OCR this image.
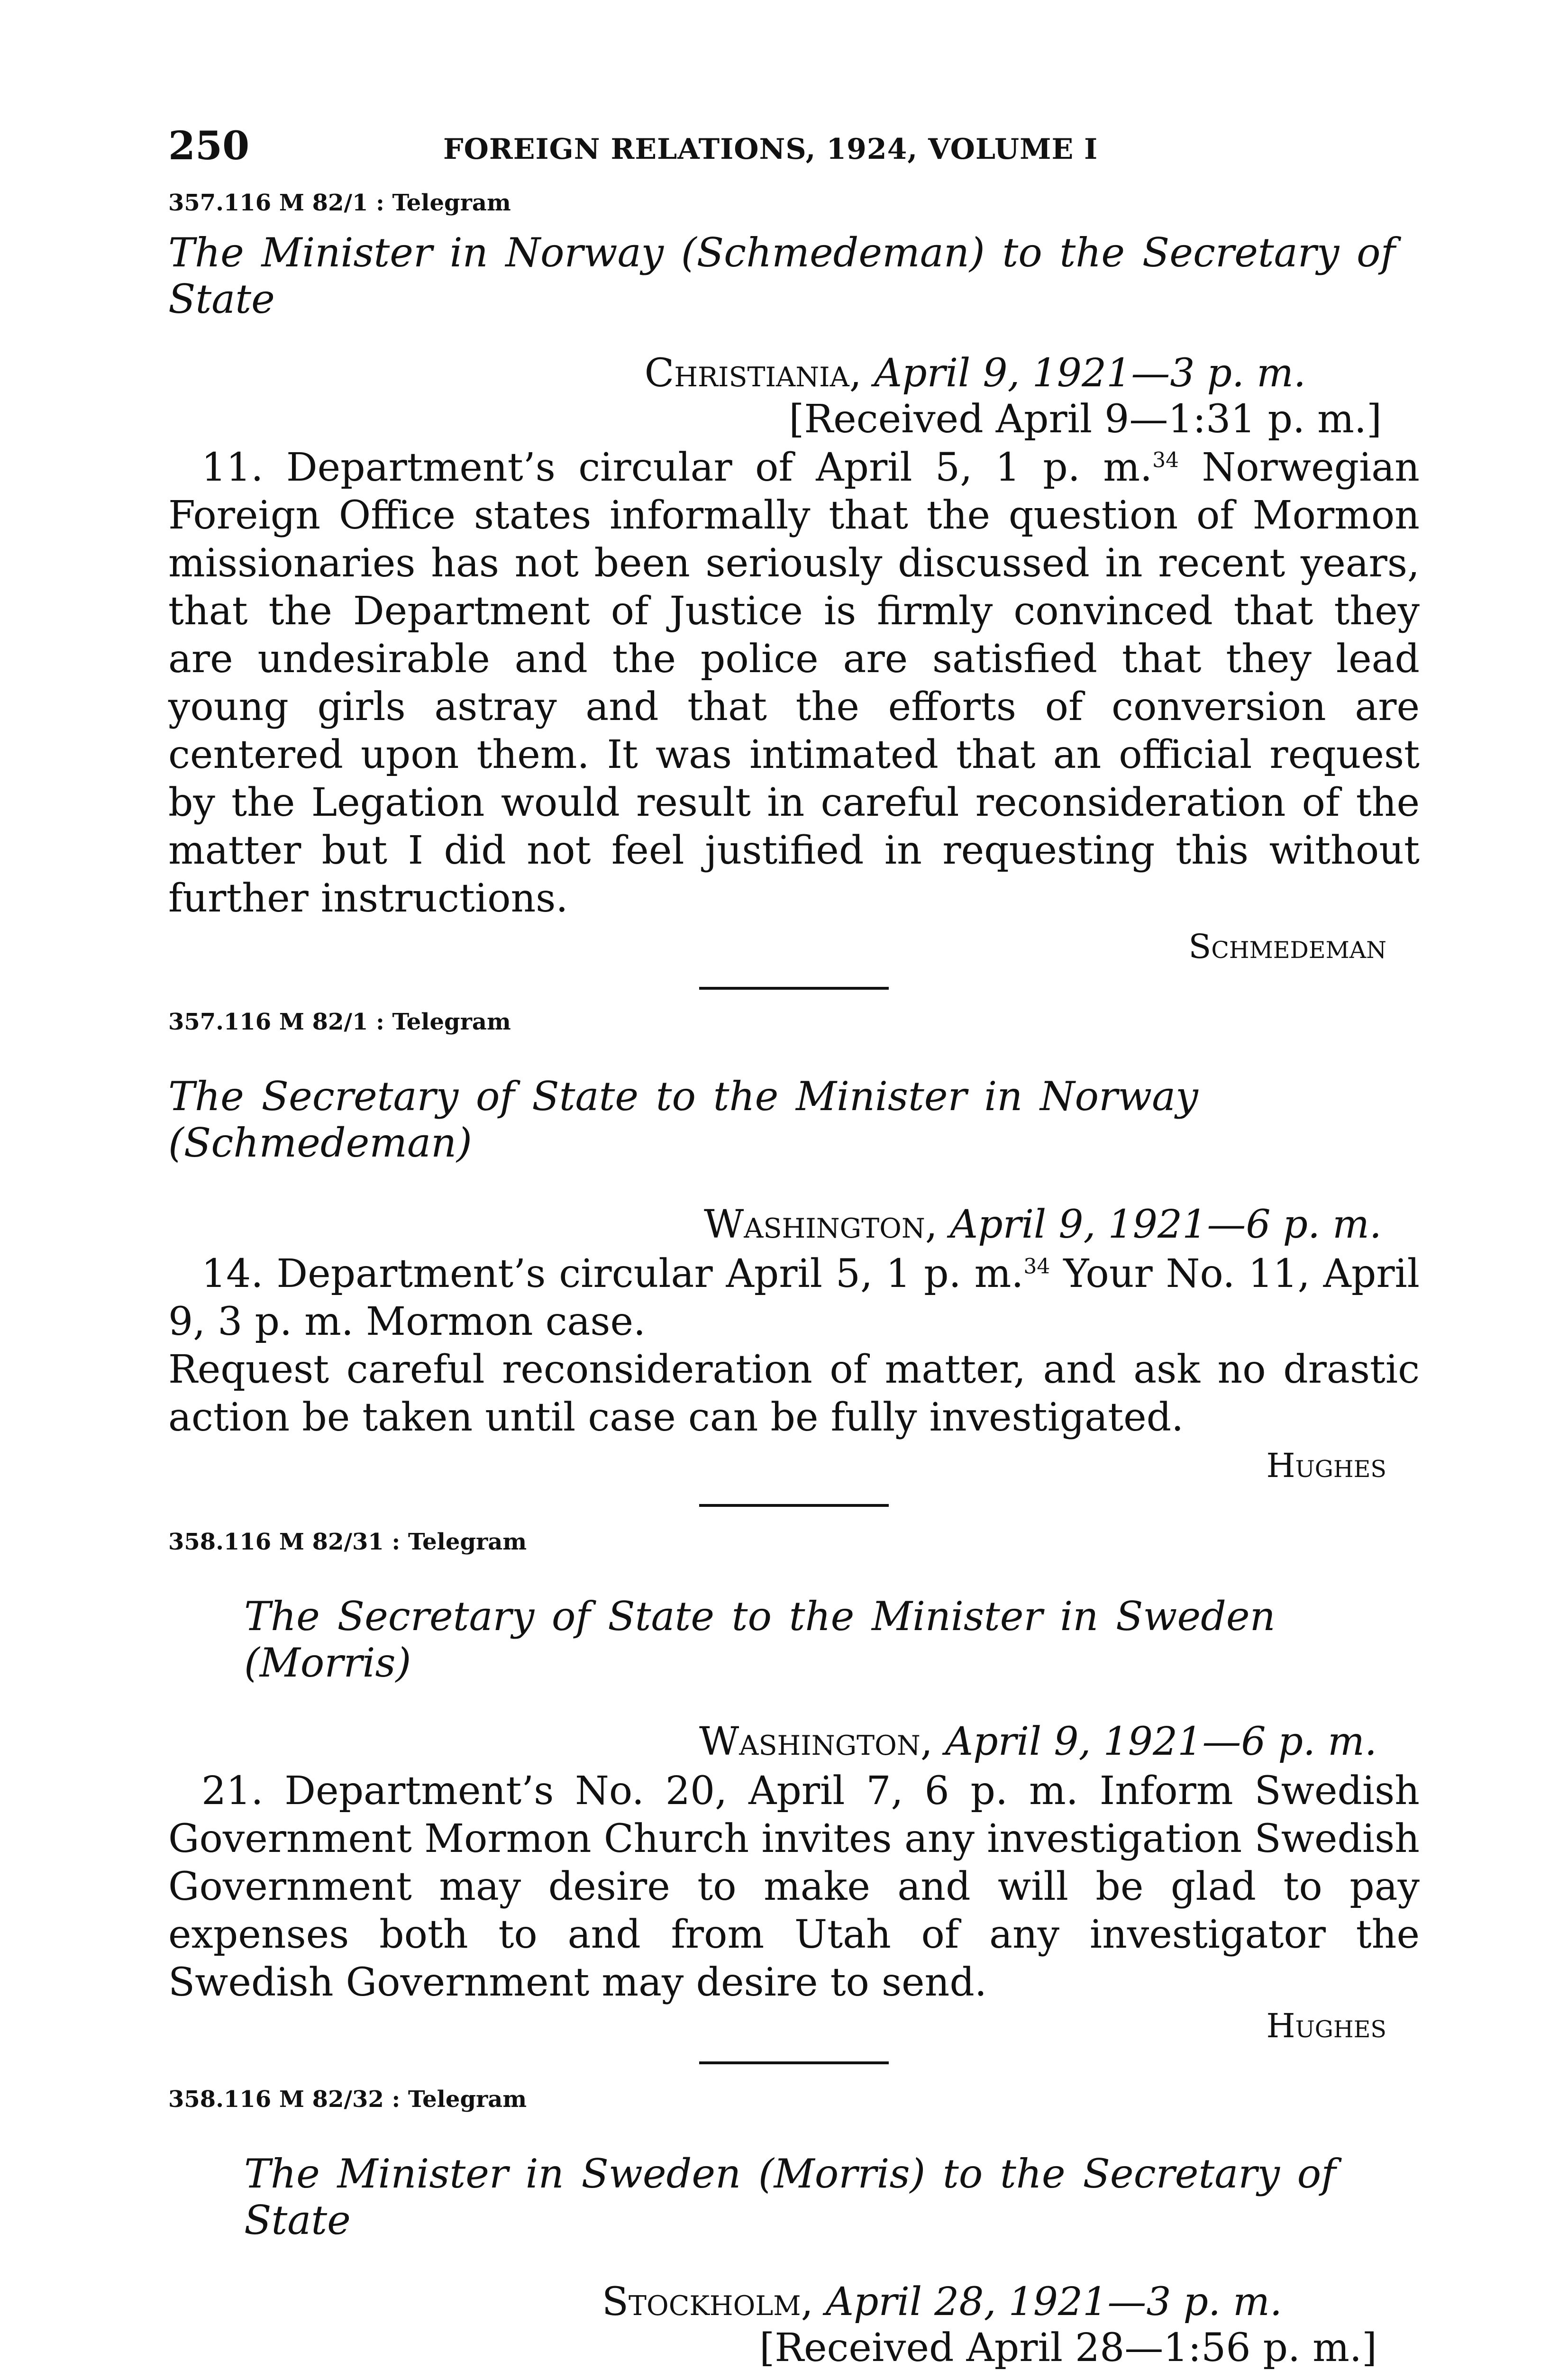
250	FOREIGN RELATIONS, 1924, VOLUME I

357.116 M 82/1 : Telegram

The Minister in Norway (Schmedeman) to the Secretary of State

Christiania, April 9, 1921—3 p. m.

[Received April 9—1:31 p. m.]

11. Department’s circular of April 5, 1 p. m.$^{34}$ Norwegian Foreign Office states informally that the question of Mormon missionaries has not been seriously discussed in recent years, that the Department of Justice is firmly convinced that they are undesirable and the police are satisfied that they lead young girls astray and that the efforts of conversion are centered upon them. It was intimated that an official request by the Legation would result in careful reconsideration of the matter but I did not feel justified in requesting this without further instructions.

Schmedeman

357.116 M 82/1 : Telegram

The Secretary of State to the Minister in Norway (Schmedeman)

Washington, April 9, 1921—6 p. m.

14. Department’s circular April 5, 1 p. m.$^{34}$ Your No. 11, April 9, 3 p. m. Mormon case.

Request careful reconsideration of matter, and ask no drastic action be taken until case can be fully investigated.

Hughes

358.116 M 82/31 : Telegram

The Secretary of State to the Minister in Sweden (Morris)

Washington, April 9, 1921—6 p. m.

21. Department’s No. 20, April 7, 6 p. m. Inform Swedish Government Mormon Church invites any investigation Swedish Government may desire to make and will be glad to pay expenses both to and from Utah of any investigator the Swedish Government may desire to send.

Hughes

358.116 M 82/32 : Telegram

The Minister in Sweden (Morris) to the Secretary of State

Stockholm, April 28, 1921—3 p. m.

[Received April 28—1:56 p. m.]
